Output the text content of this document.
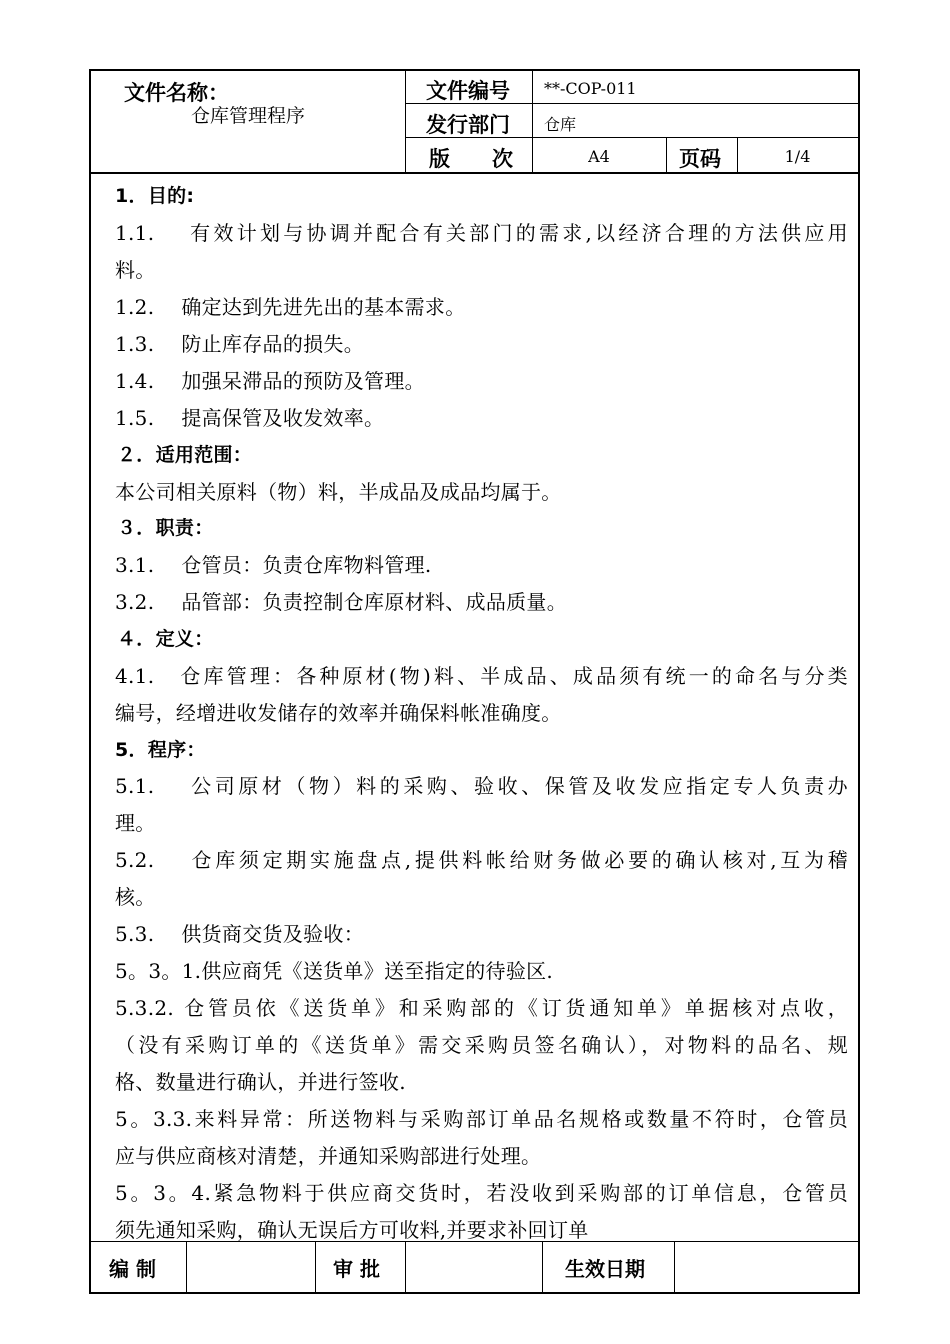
文件名称：
仓库管理程序
文件编号 **-COP-011
发行部门 仓库
版　　次	A4	页码	1/4
1．目的:
1.1.　 有效计划与协调并配合有关部门的需求,以经济合理的方法供应用
料。
1.2.　 确定达到先进先出的基本需求。
1.3.　 防止库存品的损失。
1.4.　 加强呆滞品的预防及管理。
1.5.　 提高保管及收发效率。
２．适用范围：
本公司相关原料（物）料，半成品及成品均属于。
３．职责：
3.1.　 仓管员：负责仓库物料管理.
3.2.　 品管部：负责控制仓库原材料、成品质量。
４．定义：
4.1.　仓库管理：各种原材(物)料、半成品、成品须有统一的命名与分类
编号，经增进收发储存的效率并确保料帐准确度。
5．程序：
5.1.　 公司原材（物）料的采购、验收、保管及收发应指定专人负责办
理。
5.2.　 仓库须定期实施盘点,提供料帐给财务做必要的确认核对,互为稽
核。
5.3.　 供货商交货及验收：
5。3。1.供应商凭《送货单》送至指定的待验区.
5.3.2. 仓管员依《送货单》和采购部的《订货通知单》单据核对点收，
（没有采购订单的《送货单》需交采购员签名确认），对物料的品名、规
格、数量进行确认，并进行签收.
5。3.3.来料异常：所送物料与采购部订单品名规格或数量不符时，仓管员
应与供应商核对清楚，并通知采购部进行处理。
5。3。4.紧急物料于供应商交货时，若没收到采购部的订单信息，仓管员
须先通知采购，确认无误后方可收料,并要求补回订单
编 制	审 批	生效日期
